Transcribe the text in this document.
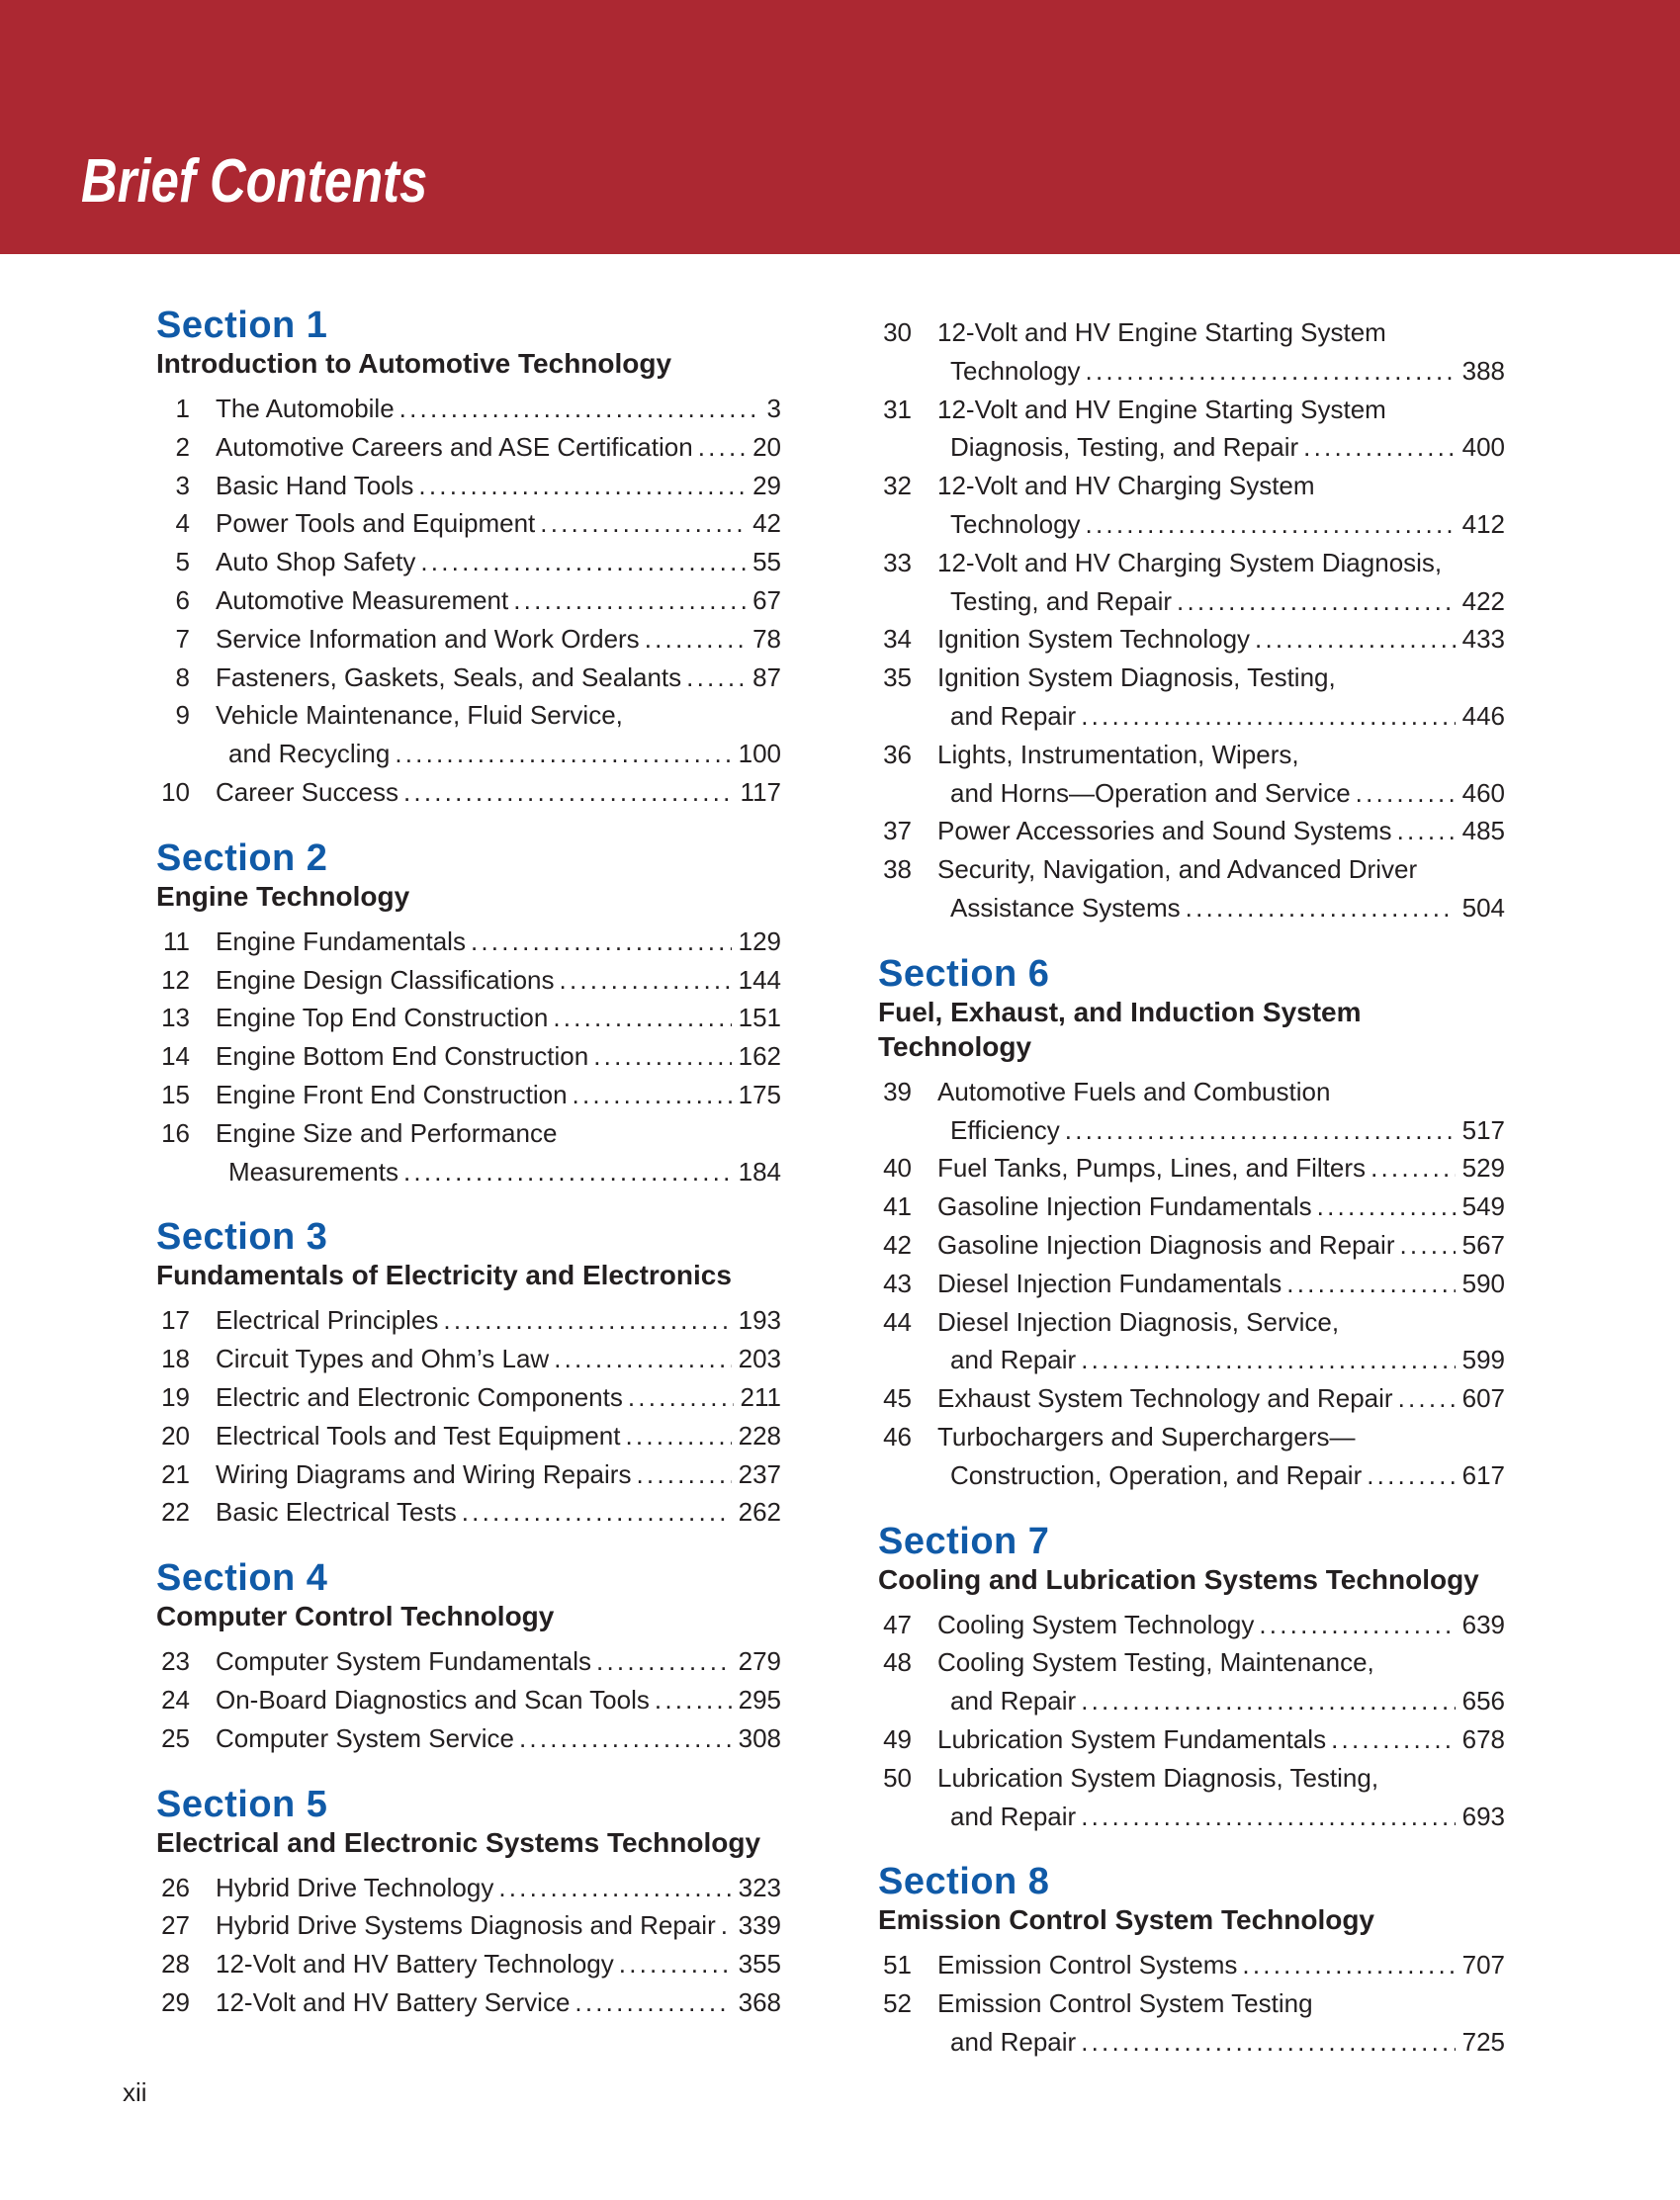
Brief Contents
Section 1
Introduction to Automotive Technology
1 The Automobile .....	3
2 Automotive Careers and ASE Certification ..... 20
3 Basic Hand Tools .....	29
4 Power Tools and Equipment .....	42
5 Auto Shop Safety .....	55
6 Automotive Measurement .....	67
7 Service Information and Work Orders .....	78
8 Fasteners, Gaskets, Seals, and Sealants .....	87
9 Vehicle Maintenance, Fluid Service,
and Recycling .....	100
10 Career Success .....	117
Section 2
Engine Technology
11 Engine Fundamentals .....	129
12 Engine Design Classifications .....	144
13 Engine Top End Construction .....	151
14 Engine Bottom End Construction .....	162
15 Engine Front End Construction .....	175
16 Engine Size and Performance
Measurements .....	184
Section 3
Fundamentals of Electricity and Electronics
17 Electrical Principles .....	193
18 Circuit Types and Ohm’s Law .....	203
19 Electric and Electronic Components .....	211
20 Electrical Tools and Test Equipment .....	228
21 Wiring Diagrams and Wiring Repairs .....	237
22 Basic Electrical Tests .....	262
Section 4
Computer Control Technology
23 Computer System Fundamentals .....	279
24 On-Board Diagnostics and Scan Tools .....	295
25 Computer System Service .....	308
Section 5
Electrical and Electronic Systems Technology
26 Hybrid Drive Technology .....	323
27 Hybrid Drive Systems Diagnosis and Repair ..... 339
28 12-Volt and HV Battery Technology .....	355
29 12-Volt and HV Battery Service .....	368
30 12-Volt and HV Engine Starting System
Technology .....	388
31 12-Volt and HV Engine Starting System
Diagnosis, Testing, and Repair .....	400
32 12-Volt and HV Charging System
Technology .....	412
33 12-Volt and HV Charging System Diagnosis,
Testing, and Repair .....	422
34 Ignition System Technology .....	433
35 Ignition System Diagnosis, Testing,
and Repair .....	446
36 Lights, Instrumentation, Wipers,
and Horns—Operation and Service .....	460
37 Power Accessories and Sound Systems .....	485
38 Security, Navigation, and Advanced Driver
Assistance Systems .....	504
Section 6
Fuel, Exhaust, and Induction System
Technology
39 Automotive Fuels and Combustion
Efficiency .....	517
40 Fuel Tanks, Pumps, Lines, and Filters .....	529
41 Gasoline Injection Fundamentals .....	549
42 Gasoline Injection Diagnosis and Repair .....	567
43 Diesel Injection Fundamentals .....	590
44 Diesel Injection Diagnosis, Service,
and Repair .....	599
45 Exhaust System Technology and Repair .....	607
46 Turbochargers and Superchargers—
Construction, Operation, and Repair .....	617
Section 7
Cooling and Lubrication Systems Technology
47 Cooling System Technology .....	639
48 Cooling System Testing, Maintenance,
and Repair .....	656
49 Lubrication System Fundamentals .....	678
50 Lubrication System Diagnosis, Testing,
and Repair .....	693
Section 8
Emission Control System Technology
51 Emission Control Systems .....	707
52 Emission Control System Testing
and Repair .....	725
xii
